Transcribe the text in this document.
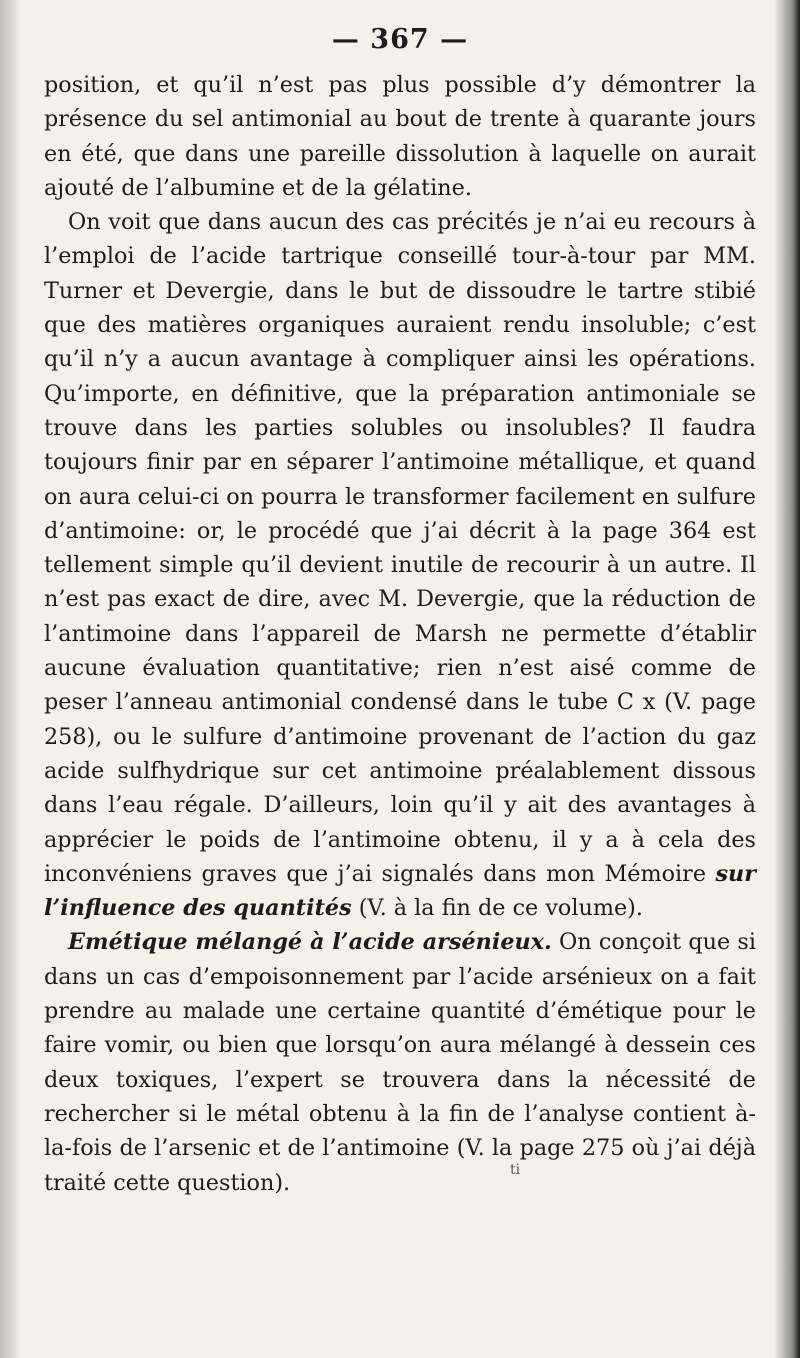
— 367 —

position, et qu’il n’est pas plus possible d’y démontrer la présence du sel antimonial au bout de trente à quarante jours en été, que dans une pareille dissolution à laquelle on aurait ajouté de l’albumine et de la gélatine.

On voit que dans aucun des cas précités je n’ai eu recours à l’emploi de l’acide tartrique conseillé tour-à-tour par MM. Turner et Devergie, dans le but de dissoudre le tartre stibié que des matières organiques auraient rendu insoluble; c’est qu’il n’y a aucun avantage à compliquer ainsi les opérations. Qu’importe, en définitive, que la préparation antimoniale se trouve dans les parties solubles ou insolubles? Il faudra toujours finir par en séparer l’antimoine métallique, et quand on aura celui-ci on pourra le transformer facilement en sulfure d’antimoine: or, le procédé que j’ai décrit à la page 364 est tellement simple qu’il devient inutile de recourir à un autre. Il n’est pas exact de dire, avec M. Devergie, que la réduction de l’antimoine dans l’appareil de Marsh ne permette d’établir aucune évaluation quantitative; rien n’est aisé comme de peser l’anneau antimonial condensé dans le tube C x (V. page 258), ou le sulfure d’antimoine provenant de l’action du gaz acide sulfhydrique sur cet antimoine préalablement dissous dans l’eau régale. D’ailleurs, loin qu’il y ait des avantages à apprécier le poids de l’antimoine obtenu, il y a à cela des inconvéniens graves que j’ai signalés dans mon Mémoire sur l’influence des quantités (V. à la fin de ce volume).

Emétique mélangé à l’acide arsénieux. On conçoit que si dans un cas d’empoisonnement par l’acide arsénieux on a fait prendre au malade une certaine quantité d’émétique pour le faire vomir, ou bien que lorsqu’on aura mélangé à dessein ces deux toxiques, l’expert se trouvera dans la nécessité de rechercher si le métal obtenu à la fin de l’analyse contient à-la-fois de l’arsenic et de l’antimoine (V. la page 275 où j’ai déjà traité cette question).	ti
